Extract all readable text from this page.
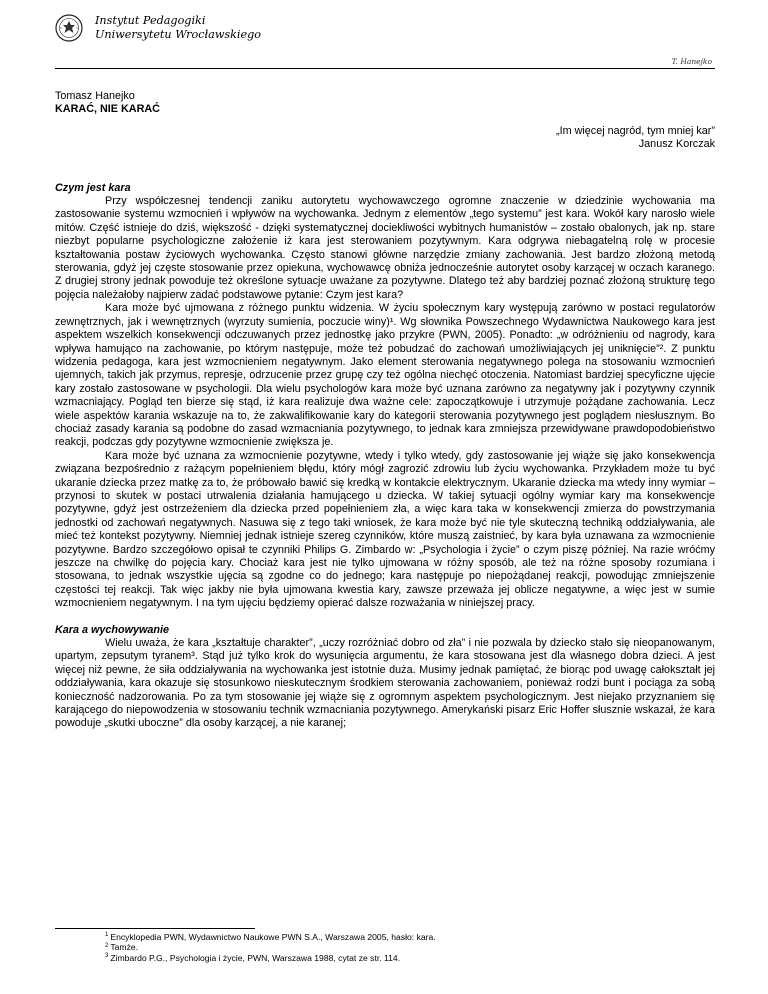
Instytut Pedagogiki
Uniwersytetu Wrocławskiego
T. Hanejko

Tomasz Hanejko

KARAĆ, NIE KARAĆ

„Im więcej nagród, tym mniej kar”
Janusz Korczak
Czym jest kara

Przy współczesnej tendencji zaniku autorytetu wychowawczego ogromne znaczenie w dziedzinie wychowania ma zastosowanie systemu wzmocnień i wpływów na wychowanka. Jednym z elementów „tego systemu” jest kara. Wokół kary narosło wiele mitów. Część istnieje do dziś, większość - dzięki systematycznej dociekliwości wybitnych humanistów – zostało obalonych, jak np. stare niezbyt popularne psychologiczne założenie iż kara jest sterowaniem pozytywnym. Kara odgrywa niebagatelną rolę w procesie kształtowania postaw życiowych wychowanka. Często stanowi główne narzędzie zmiany zachowania. Jest bardzo złożoną metodą sterowania, gdyż jej częste stosowanie przez opiekuna, wychowawcę obniża jednocześnie autorytet osoby karzącej w oczach karanego. Z drugiej strony jednak powoduje też określone sytuacje uważane za pozytywne. Dlatego też aby bardziej poznać złożoną strukturę tego pojęcia należałoby najpierw zadać podstawowe pytanie: Czym jest kara?

Kara może być ujmowana z różnego punktu widzenia. W życiu społecznym kary występują zarówno w postaci regulatorów zewnętrznych, jak i wewnętrznych (wyrzuty sumienia, poczucie winy)¹. Wg słownika Powszechnego Wydawnictwa Naukowego kara jest aspektem wszelkich konsekwencji odczuwanych przez jednostkę jako przykre (PWN, 2005). Ponadto: „w odróżnieniu od nagrody, kara wpływa hamująco na zachowanie, po którym następuje, może też pobudzać do zachowań umożliwiających jej uniknięcie”². Z punktu widzenia pedagoga, kara jest wzmocnieniem negatywnym. Jako element sterowania negatywnego polega na stosowaniu wzmocnień ujemnych, takich jak przymus, represje, odrzucenie przez grupę czy też ogólna niechęć otoczenia. Natomiast bardziej specyficzne ujęcie kary zostało zastosowane w psychologii. Dla wielu psychologów kara może być uznana zarówno za negatywny jak i pozytywny czynnik wzmacniający. Pogląd ten bierze się stąd, iż kara realizuje dwa ważne cele: zapoczątkowuje i utrzymuje pożądane zachowania. Lecz wiele aspektów karania wskazuje na to, że zakwalifikowanie kary do kategorii sterowania pozytywnego jest poglądem niesłusznym. Bo chociaż zasady karania są podobne do zasad wzmacniania pozytywnego, to jednak kara zmniejsza przewidywane prawdopodobieństwo reakcji, podczas gdy pozytywne wzmocnienie zwiększa je.

Kara może być uznana za wzmocnienie pozytywne, wtedy i tylko wtedy, gdy zastosowanie jej wiąże się jako konsekwencja związana bezpośrednio z rażącym popełnieniem błędu, który mógł zagrozić zdrowiu lub życiu wychowanka. Przykładem może tu być ukaranie dziecka przez matkę za to, że próbowało bawić się kredką w kontakcie elektrycznym. Ukaranie dziecka ma wtedy inny wymiar – przynosi to skutek w postaci utrwalenia działania hamującego u dziecka. W takiej sytuacji ogólny wymiar kary ma konsekwencje pozytywne, gdyż jest ostrzeżeniem dla dziecka przed popełnieniem zła, a więc kara taka w konsekwencji zmierza do powstrzymania jednostki od zachowań negatywnych. Nasuwa się z tego taki wniosek, że kara może być nie tyle skuteczną techniką oddziaływania, ale mieć też kontekst pozytywny. Niemniej jednak istnieje szereg czynników, które muszą zaistnieć, by kara była uznawana za wzmocnienie pozytywne. Bardzo szczegółowo opisał te czynniki Philips G. Zimbardo w: „Psychologia i życie” o czym piszę później. Na razie wróćmy jeszcze na chwilkę do pojęcia kary. Chociaż kara jest nie tylko ujmowana w różny sposób, ale też na różne sposoby rozumiana i stosowana, to jednak wszystkie ujęcia są zgodne co do jednego; kara następuje po niepożądanej reakcji, powodując zmniejszenie częstości tej reakcji. Tak więc jakby nie była ujmowana kwestia kary, zawsze przeważa jej oblicze negatywne, a więc jest w sumie wzmocnieniem negatywnym. I na tym ujęciu będziemy opierać dalsze rozważania w niniejszej pracy.

Kara a wychowywanie

Wielu uważa, że kara „kształtuje charakter”, „uczy rozróżniać dobro od zła” i nie pozwala by dziecko stało się nieopanowanym, upartym, zepsutym tyranem³. Stąd już tylko krok do wysunięcia argumentu, że kara stosowana jest dla własnego dobra dzieci. A jest więcej niż pewne, że siła oddziaływania na wychowanka jest istotnie duża. Musimy jednak pamiętać, że biorąc pod uwagę całokształt jej oddziaływania, kara okazuje się stosunkowo nieskutecznym środkiem sterowania zachowaniem, ponieważ rodzi bunt i pociąga za sobą konieczność nadzorowania. Po za tym stosowanie jej wiąże się z ogromnym aspektem psychologicznym. Jest niejako przyznaniem się karającego do niepowodzenia w stosowaniu technik wzmacniania pozytywnego. Amerykański pisarz Eric Hoffer słusznie wskazał, że kara powoduje „skutki uboczne” dla osoby karzącej, a nie karanej;

$^1$ Encyklopedia PWN, Wydawnictwo Naukowe PWN S.A., Warszawa 2005, hasło: kara.

$^2$ Tamże.

$^3$ Zimbardo P.G., Psychologia i życie, PWN, Warszawa 1988, cytat ze str. 114.
